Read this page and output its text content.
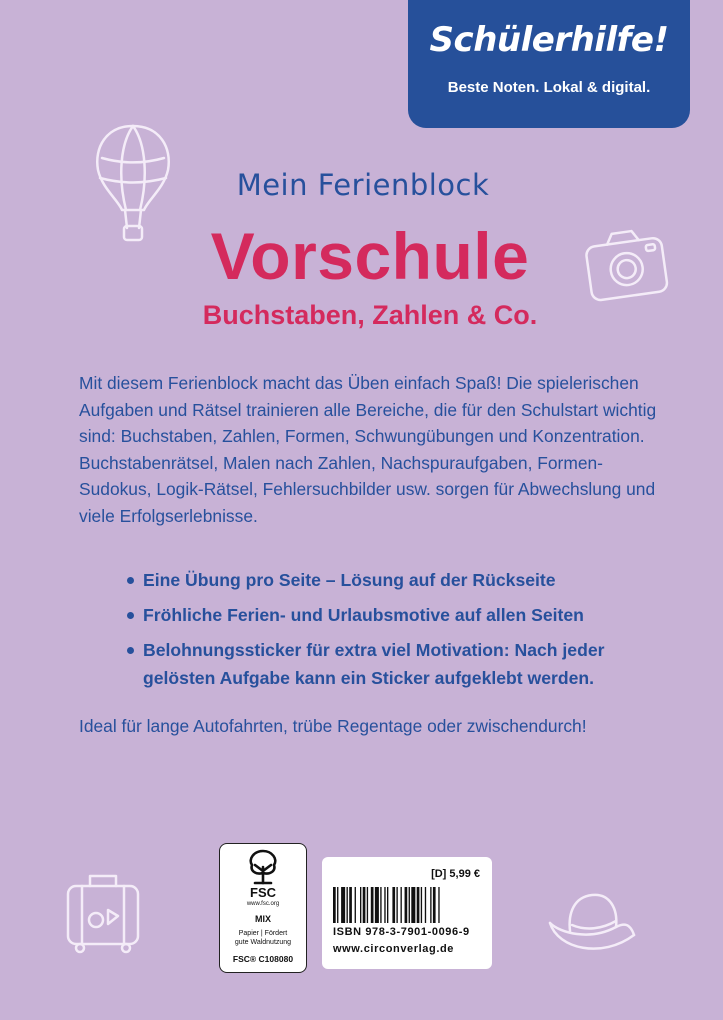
Schülerhilfe!
Beste Noten. Lokal & digital.
Mein Ferienblock
Vorschule
Buchstaben, Zahlen & Co.

Mit diesem Ferienblock macht das Üben einfach Spaß! Die spielerischen Aufgaben und Rätsel trainieren alle Bereiche, die für den Schulstart wichtig sind: Buchstaben, Zahlen, Formen, Schwungübungen und Konzentration.

Buchstabenrätsel, Malen nach Zahlen, Nachspuraufgaben, Formen-Sudokus, Logik-Rätsel, Fehlersuchbilder usw. sorgen für Abwechslung und viele Erfolgserlebnisse.

Eine Übung pro Seite – Lösung auf der Rückseite
Fröhliche Ferien- und Urlaubsmotive auf allen Seiten
Belohnungssticker für extra viel Motivation: Nach jeder gelösten Aufgabe kann ein Sticker aufgeklebt werden.
Ideal für lange Autofahrten, trübe Regentage oder zwischendurch!
FSC
www.fsc.org
MIX
Papier | Fördert
gute Waldnutzung
FSC® C108080
[D] 5,99 €
ISBN 978-3-7901-0096-9
www.circonverlag.de
